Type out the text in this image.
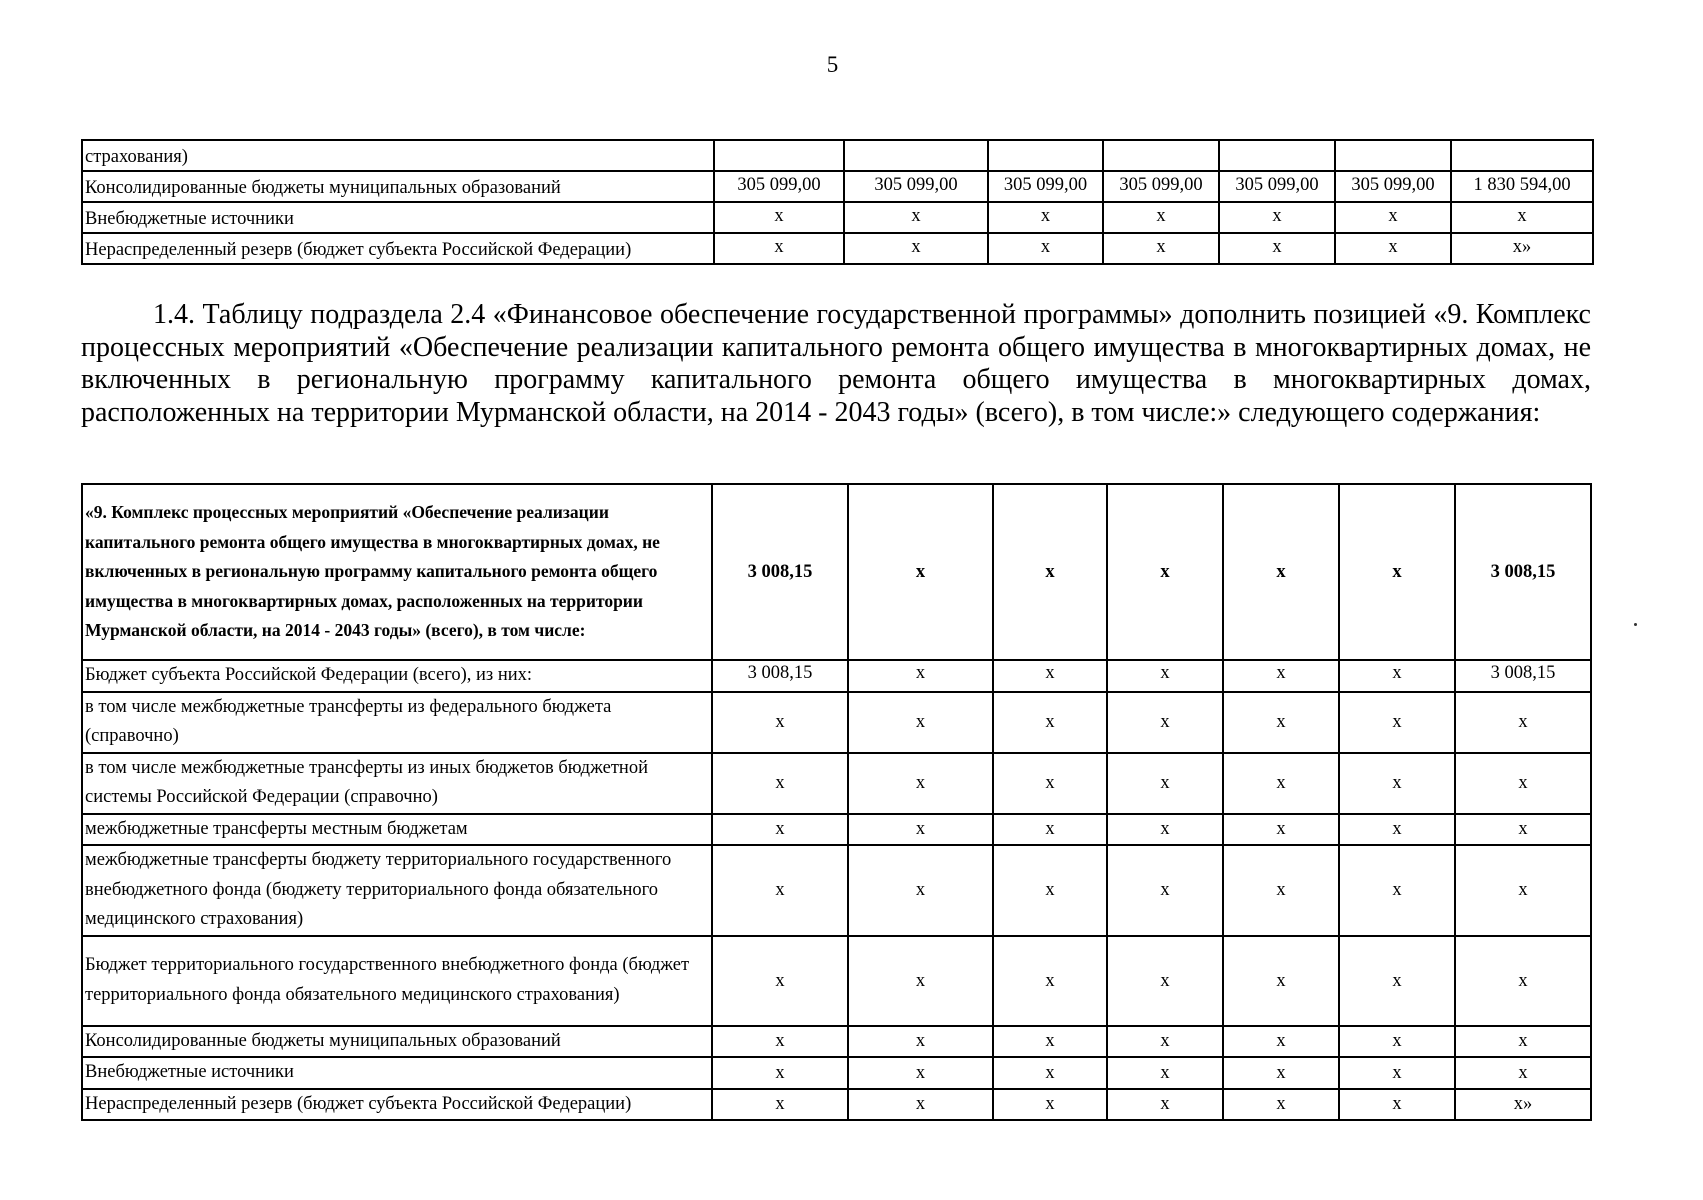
5
страхования)							
Консолидированные бюджеты муниципальных образований	305 099,00	305 099,00	305 099,00	305 099,00	305 099,00	305 099,00	1 830 594,00
Внебюджетные источники	х	х	х	х	х	х	х
Нераспределенный резерв (бюджет субъекта Российской Федерации)	х	х	х	х	х	х	х»
1.4. Таблицу подраздела 2.4 «Финансовое обеспечение государственной программы» дополнить позицией «9. Комплекс процессных мероприятий «Обеспечение реализации капитального ремонта общего имущества в многоквартирных домах, не включенных в региональную программу капитального ремонта общего имущества в многоквартирных домах, расположенных на территории Мурманской области, на 2014 - 2043 годы» (всего), в том числе:» следующего содержания:
«9. Комплекс процессных мероприятий «Обеспечение реализации капитального ремонта общего имущества в многоквартирных домах, не включенных в региональную программу капитального ремонта общего имущества в многоквартирных домах, расположенных на территории Мурманской области, на 2014 - 2043 годы» (всего), в том числе:	3 008,15	х	х	х	х	х	3 008,15
Бюджет субъекта Российской Федерации (всего), из них:	3 008,15	х	х	х	х	х	3 008,15
в том числе межбюджетные трансферты из федерального бюджета (справочно)	х	х	х	х	х	х	х
в том числе межбюджетные трансферты из иных бюджетов бюджетной системы Российской Федерации (справочно)	х	х	х	х	х	х	х
межбюджетные трансферты местным бюджетам	х	х	х	х	х	х	х
межбюджетные трансферты бюджету территориального государственного внебюджетного фонда (бюджету территориального фонда обязательного медицинского страхования)	х	х	х	х	х	х	х
Бюджет территориального государственного внебюджетного фонда (бюджет территориального фонда обязательного медицинского страхования)	х	х	х	х	х	х	х
Консолидированные бюджеты муниципальных образований	х	х	х	х	х	х	х
Внебюджетные источники	х	х	х	х	х	х	х
Нераспределенный резерв (бюджет субъекта Российской Федерации)	х	х	х	х	х	х	х»
